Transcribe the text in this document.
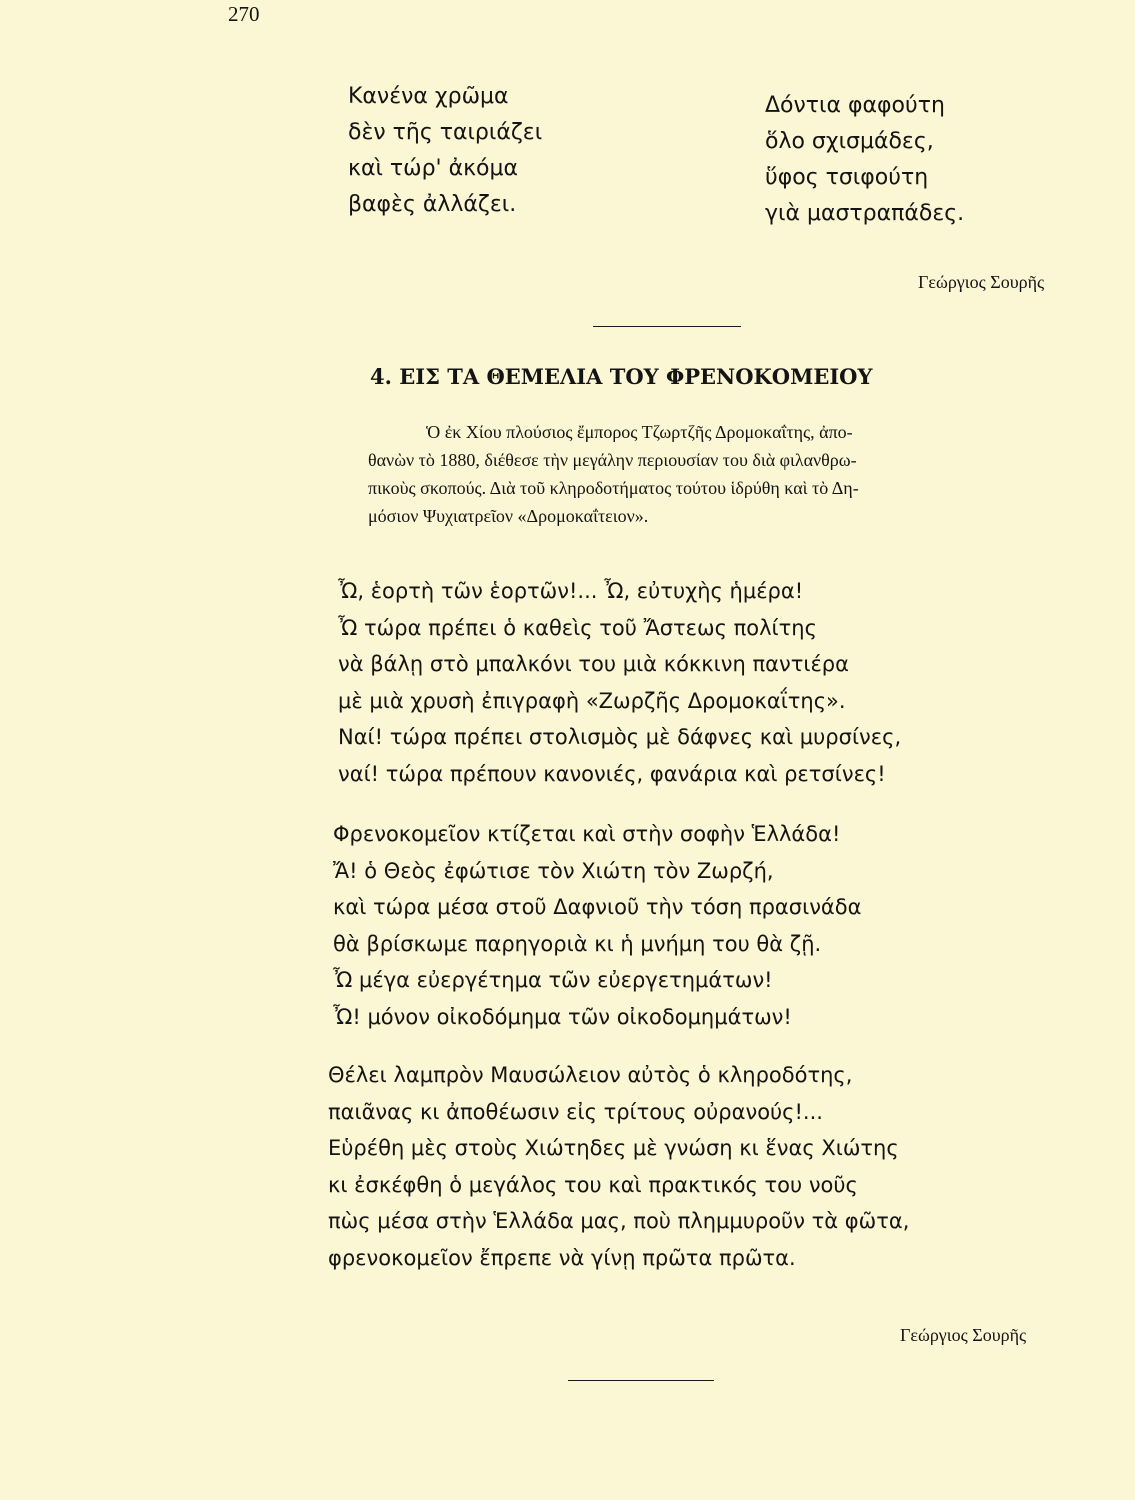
270
Κανένα χρῶμα
δὲν τῆς ταιριάζει
καὶ τώρ' ἀκόμα
βαφὲς ἀλλάζει.
Δόντια φαφούτη
ὅλο σχισμάδες,
ὕφος τσιφούτη
γιὰ μαστραπάδες.
Γεώργιος Σουρῆς
4. ΕΙΣ ΤΑ ΘΕΜΕΛΙΑ ΤΟΥ ΦΡΕΝΟΚΟΜΕΙΟΥ
Ὁ ἐκ Χίου πλούσιος ἔμπορος Τζωρτζῆς Δρομοκαΐτης, ἀπο-
θανὼν τὸ 1880, διέθεσε τὴν μεγάλην περιουσίαν του διὰ φιλανθρω-
πικοὺς σκοπούς. Διὰ τοῦ κληροδοτήματος τούτου ἱδρύθη καὶ τὸ Δη-
μόσιον Ψυχιατρεῖον «Δρομοκαΐτειον».
Ὦ, ἑορτὴ τῶν ἑορτῶν!... Ὦ, εὐτυχὴς ἡμέρα!
Ὦ τώρα πρέπει ὁ καθεὶς τοῦ Ἄστεως πολίτης
νὰ βάλῃ στὸ μπαλκόνι του μιὰ κόκκινη παντιέρα
μὲ μιὰ χρυσὴ ἐπιγραφὴ «Ζωρζῆς Δρομοκαΐτης».
Ναί! τώρα πρέπει στολισμὸς μὲ δάφνες καὶ μυρσίνες,
ναί! τώρα πρέπουν κανονιές, φανάρια καὶ ρετσίνες!
Φρενοκομεῖον κτίζεται καὶ στὴν σοφὴν Ἑλλάδα!
Ἄ! ὁ Θεὸς ἐφώτισε τὸν Χιώτη τὸν Ζωρζή,
καὶ τώρα μέσα στοῦ Δαφνιοῦ τὴν τόση πρασινάδα
θὰ βρίσκωμε παρηγοριὰ κι ἡ μνήμη του θὰ ζῇ.
Ὦ μέγα εὐεργέτημα τῶν εὐεργετημάτων!
Ὦ! μόνον οἰκοδόμημα τῶν οἰκοδομημάτων!
Θέλει λαμπρὸν Μαυσώλειον αὐτὸς ὁ κληροδότης,
παιᾶνας κι ἀποθέωσιν εἰς τρίτους οὐρανούς!...
Εὑρέθη μὲς στοὺς Χιώτηδες μὲ γνώση κι ἕνας Χιώτης
κι ἐσκέφθη ὁ μεγάλος του καὶ πρακτικός του νοῦς
πὼς μέσα στὴν Ἑλλάδα μας, ποὺ πλημμυροῦν τὰ φῶτα,
φρενοκομεῖον ἔπρεπε νὰ γίνῃ πρῶτα πρῶτα.
Γεώργιος Σουρῆς
